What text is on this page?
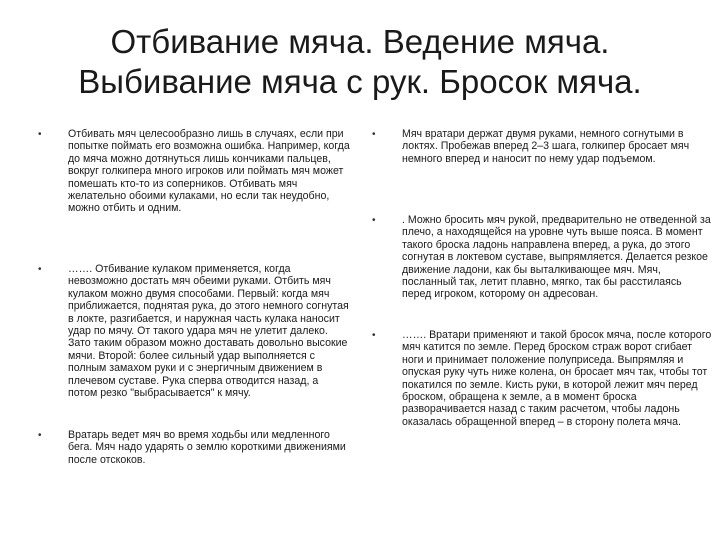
Отбивание мяча. Ведение мяча.
Выбивание мяча с рук. Бросок мяча.
•	Отбивать мяч целесообразно лишь в случаях, если при попытке поймать его возможна ошибка. Например, когда до мяча можно дотянуться лишь кончиками пальцев, вокруг голкипера много игроков или поймать мяч может помешать кто-то из соперников. Отбивать мяч желательно обоими кулаками, но если так неудобно, можно отбить и одним.
•	……. Отбивание кулаком применяется, когда невозможно достать мяч обеими руками. Отбить мяч кулаком можно двумя способами. Первый: когда мяч приближается, поднятая рука, до этого немного согнутая в локте, разгибается, и наружная часть кулака наносит удар по мячу. От такого удара мяч не улетит далеко. Зато таким образом можно доставать довольно высокие мячи. Второй: более сильный удар выполняется с полным замахом руки и с энергичным движением в плечевом суставе. Рука сперва отводится назад, а потом резко "выбрасывается" к мячу.
•	Вратарь ведет мяч во время ходьбы или медленного бега. Мяч надо ударять о землю короткими движениями после отскоков.
•	Мяч вратари держат двумя руками, немного согнутыми в локтях. Пробежав вперед 2–3 шага, голкипер бросает мяч немного вперед и наносит по нему удар подъемом.
•	. Можно бросить мяч рукой, предварительно не отведенной за плечо, а находящейся на уровне чуть выше пояса. В момент такого броска ладонь направлена вперед, а рука, до этого согнутая в локтевом суставе, выпрямляется. Делается резкое движение ладони, как бы выталкивающее мяч. Мяч, посланный так, летит плавно, мягко, так бы расстилаясь перед игроком, которому он адресован.
•	……. Вратари применяют и такой бросок мяча, после которого мяч катится по земле. Перед броском страж ворот сгибает ноги и принимает положение полуприседа. Выпрямляя и опуская руку чуть ниже колена, он бросает мяч так, чтобы тот покатился по земле. Кисть руки, в которой лежит мяч перед броском, обращена к земле, а в момент броска разворачивается назад с таким расчетом, чтобы ладонь оказалась обращенной вперед – в сторону полета мяча.
